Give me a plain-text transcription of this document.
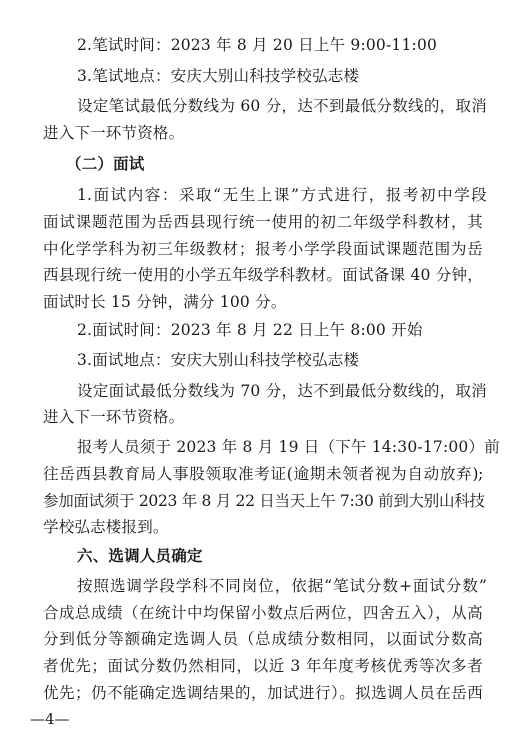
2.笔试时间：2023 年 8 月 20 日上午 9:00-11:00
3.笔试地点：安庆大别山科技学校弘志楼
设定笔试最低分数线为 60 分，达不到最低分数线的，取消
进入下一环节资格。
（二）面试
1.面试内容：采取“无生上课”方式进行，报考初中学段
面试课题范围为岳西县现行统一使用的初二年级学科教材，其
中化学学科为初三年级教材；报考小学学段面试课题范围为岳
西县现行统一使用的小学五年级学科教材。面试备课 40 分钟，
面试时长 15 分钟，满分 100 分。
2.面试时间：2023 年 8 月 22 日上午 8:00 开始
3.面试地点：安庆大别山科技学校弘志楼
设定面试最低分数线为 70 分，达不到最低分数线的，取消
进入下一环节资格。
报考人员须于 2023 年 8 月 19 日（下午 14:30-17:00）前
往岳西县教育局人事股领取准考证(逾期未领者视为自动放弃);
参加面试须于 2023 年 8 月 22 日当天上午 7:30 前到大别山科技
学校弘志楼报到。
六、选调人员确定
按照选调学段学科不同岗位，依据“笔试分数+面试分数”
合成总成绩（在统计中均保留小数点后两位，四舍五入），从高
分到低分等额确定选调人员（总成绩分数相同，以面试分数高
者优先；面试分数仍然相同，以近 3 年年度考核优秀等次多者
优先；仍不能确定选调结果的，加试进行）。拟选调人员在岳西
—4—
